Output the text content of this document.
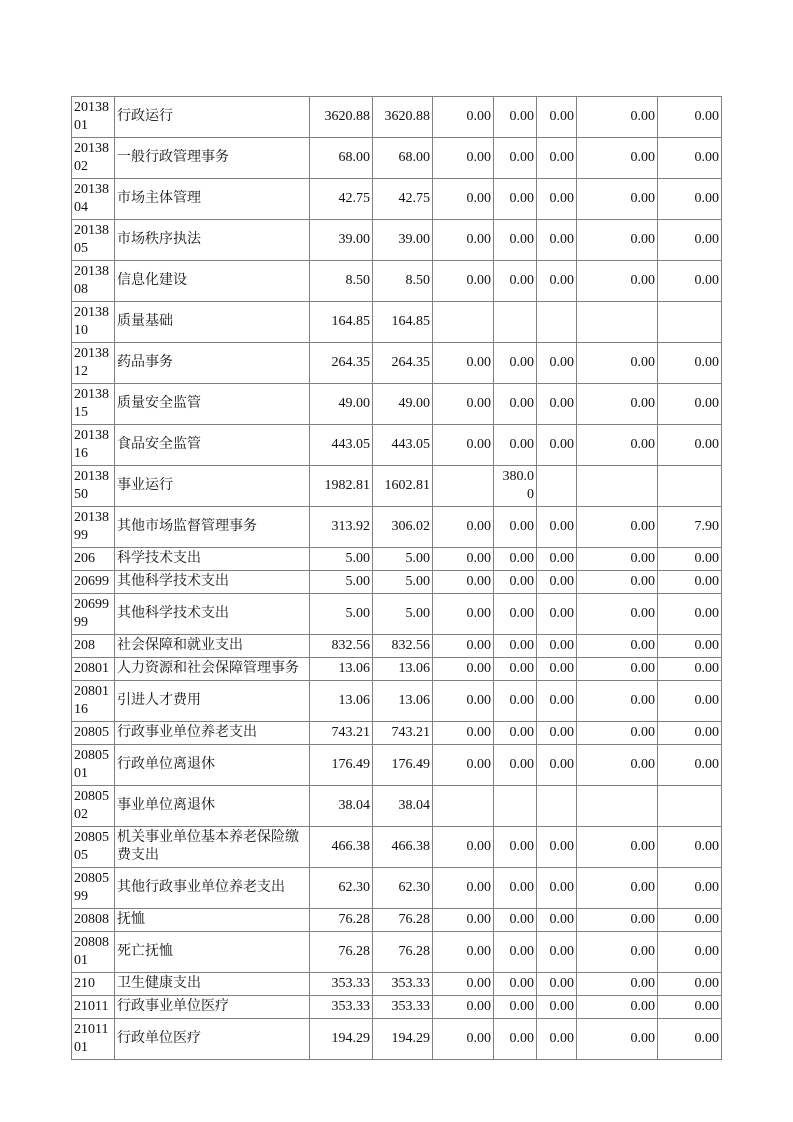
2013801	行政运行	3620.88	3620.88	0.00	0.00	0.00	0.00	0.00
2013802	一般行政管理事务	68.00	68.00	0.00	0.00	0.00	0.00	0.00
2013804	市场主体管理	42.75	42.75	0.00	0.00	0.00	0.00	0.00
2013805	市场秩序执法	39.00	39.00	0.00	0.00	0.00	0.00	0.00
2013808	信息化建设	8.50	8.50	0.00	0.00	0.00	0.00	0.00
2013810	质量基础	164.85	164.85					
2013812	药品事务	264.35	264.35	0.00	0.00	0.00	0.00	0.00
2013815	质量安全监管	49.00	49.00	0.00	0.00	0.00	0.00	0.00
2013816	食品安全监管	443.05	443.05	0.00	0.00	0.00	0.00	0.00
2013850	事业运行	1982.81	1602.81		380.00			
2013899	其他市场监督管理事务	313.92	306.02	0.00	0.00	0.00	0.00	7.90
206	科学技术支出	5.00	5.00	0.00	0.00	0.00	0.00	0.00
20699	其他科学技术支出	5.00	5.00	0.00	0.00	0.00	0.00	0.00
2069999	其他科学技术支出	5.00	5.00	0.00	0.00	0.00	0.00	0.00
208	社会保障和就业支出	832.56	832.56	0.00	0.00	0.00	0.00	0.00
20801	人力资源和社会保障管理事务	13.06	13.06	0.00	0.00	0.00	0.00	0.00
2080116	引进人才费用	13.06	13.06	0.00	0.00	0.00	0.00	0.00
20805	行政事业单位养老支出	743.21	743.21	0.00	0.00	0.00	0.00	0.00
2080501	行政单位离退休	176.49	176.49	0.00	0.00	0.00	0.00	0.00
2080502	事业单位离退休	38.04	38.04					
2080505	机关事业单位基本养老保险缴费支出	466.38	466.38	0.00	0.00	0.00	0.00	0.00
2080599	其他行政事业单位养老支出	62.30	62.30	0.00	0.00	0.00	0.00	0.00
20808	抚恤	76.28	76.28	0.00	0.00	0.00	0.00	0.00
2080801	死亡抚恤	76.28	76.28	0.00	0.00	0.00	0.00	0.00
210	卫生健康支出	353.33	353.33	0.00	0.00	0.00	0.00	0.00
21011	行政事业单位医疗	353.33	353.33	0.00	0.00	0.00	0.00	0.00
2101101	行政单位医疗	194.29	194.29	0.00	0.00	0.00	0.00	0.00
